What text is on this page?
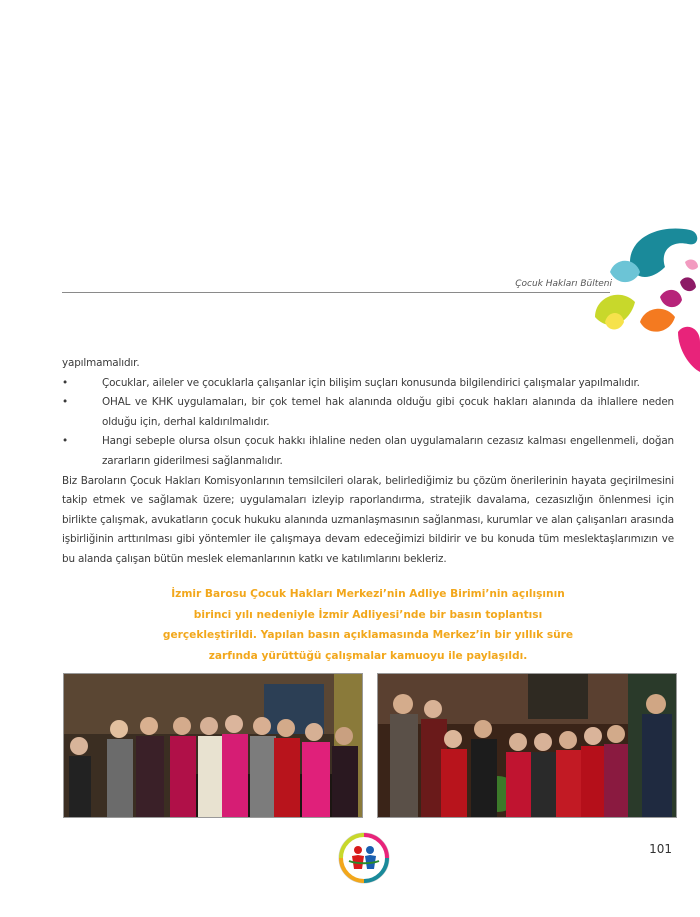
Çocuk Hakları Bülteni

yapılmamalıdır.

•	Çocuklar, aileler ve çocuklarla çalışanlar için bilişim suçları konusunda bilgilendirici çalışmalar yapılmalıdır.
•	OHAL ve KHK uygulamaları, bir çok temel hak alanında olduğu gibi çocuk hakları alanında da ihlallere neden olduğu için, derhal kaldırılmalıdır.
•	Hangi sebeple olursa olsun çocuk hakkı ihlaline neden olan uygulamaların cezasız kalması engellenmeli, doğan zararların giderilmesi sağlanmalıdır.

Biz Baroların Çocuk Hakları Komisyonlarının temsilcileri olarak, belirlediğimiz bu çözüm önerilerinin hayata geçirilmesini takip etmek ve sağlamak üzere; uygulamaları izleyip raporlandırma, stratejik davalama, cezasızlığın önlenmesi için birlikte çalışmak, avukatların çocuk hukuku alanında uzmanlaşmasının sağlanması, kurumlar ve alan çalışanları arasında işbirliğinin arttırılması gibi yöntemler ile çalışmaya devam edeceğimizi bildirir ve bu konuda tüm meslektaşlarımızın ve bu alanda çalışan bütün meslek elemanlarının katkı ve katılımlarını bekleriz.

İzmir Barosu Çocuk Hakları Merkezi’nin Adliye Birimi’nin açılışının
birinci yılı nedeniyle İzmir Adliyesi’nde bir basın toplantısı
gerçekleştirildi. Yapılan basın açıklamasında Merkez’in bir yıllık süre
zarfında yürüttüğü çalışmalar kamuoyu ile paylaşıldı.
101
